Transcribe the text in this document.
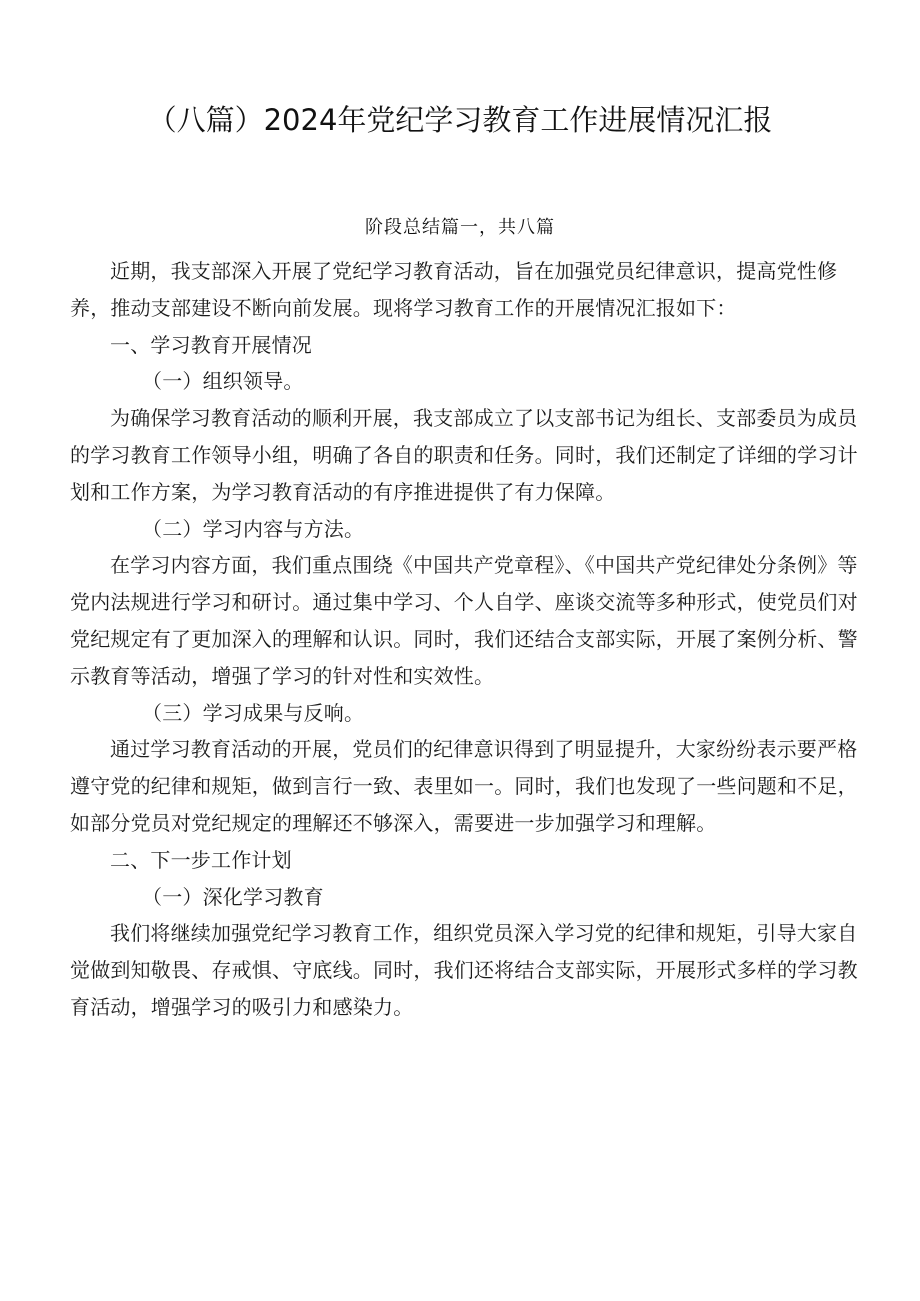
（八篇）2024年党纪学习教育工作进展情况汇报
阶段总结篇一，共八篇

近期，我支部深入开展了党纪学习教育活动，旨在加强党员纪律意识，提高党性修养，推动支部建设不断向前发展。现将学习教育工作的开展情况汇报如下：

一、学习教育开展情况

（一）组织领导。

为确保学习教育活动的顺利开展，我支部成立了以支部书记为组长、支部委员为成员的学习教育工作领导小组，明确了各自的职责和任务。同时，我们还制定了详细的学习计划和工作方案，为学习教育活动的有序推进提供了有力保障。

（二）学习内容与方法。

在学习内容方面，我们重点围绕《中国共产党章程》、《中国共产党纪律处分条例》等党内法规进行学习和研讨。通过集中学习、个人自学、座谈交流等多种形式，使党员们对党纪规定有了更加深入的理解和认识。同时，我们还结合支部实际，开展了案例分析、警示教育等活动，增强了学习的针对性和实效性。

（三）学习成果与反响。

通过学习教育活动的开展，党员们的纪律意识得到了明显提升，大家纷纷表示要严格遵守党的纪律和规矩，做到言行一致、表里如一。同时，我们也发现了一些问题和不足，如部分党员对党纪规定的理解还不够深入，需要进一步加强学习和理解。

二、下一步工作计划

（一）深化学习教育

我们将继续加强党纪学习教育工作，组织党员深入学习党的纪律和规矩，引导大家自觉做到知敬畏、存戒惧、守底线。同时，我们还将结合支部实际，开展形式多样的学习教育活动，增强学习的吸引力和感染力。
